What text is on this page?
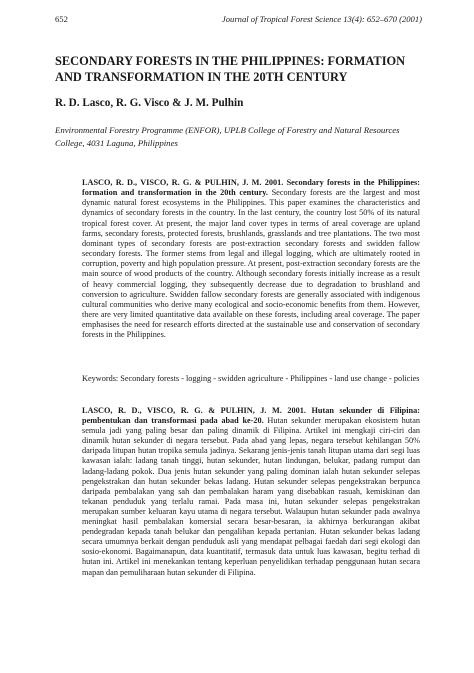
652	Journal of Tropical Forest Science 13(4): 652–670 (2001)
SECONDARY FORESTS IN THE PHILIPPINES: FORMATION AND TRANSFORMATION IN THE 20TH CENTURY

R. D. Lasco, R. G. Visco & J. M. Pulhin

Environmental Forestry Programme (ENFOR), UPLB College of Forestry and Natural Resources College, 4031 Laguna, Philippines

LASCO, R. D., VISCO, R. G. & PULHIN, J. M. 2001. Secondary forests in the Philippines: formation and transformation in the 20th century. Secondary forests are the largest and most dynamic natural forest ecosystems in the Philippines. This paper examines the characteristics and dynamics of secondary forests in the country. In the last century, the country lost 50% of its natural tropical forest cover. At present, the major land cover types in terms of areal coverage are upland farms, secondary forests, protected forests, brushlands, grasslands and tree plantations. The two most dominant types of secondary forests are post-extraction secondary forests and swidden fallow secondary forests. The former stems from legal and illegal logging, which are ultimately rooted in corruption, poverty and high population pressure. At present, post-extraction secondary forests are the main source of wood products of the country. Although secondary forests initially increase as a result of heavy commercial logging, they subsequently decrease due to degradation to brushland and conversion to agriculture. Swidden fallow secondary forests are generally associated with indigenous cultural communities who derive many ecological and socio-economic benefits from them. However, there are very limited quantitative data available on these forests, including areal coverage. The paper emphasises the need for research efforts directed at the sustainable use and conservation of secondary forests in the Philippines.

Keywords: Secondary forests - logging - swidden agriculture - Philippines - land use change - policies

LASCO, R. D., VISCO, R. G. & PULHIN, J. M. 2001. Hutan sekunder di Filipina: pembentukan dan transformasi pada abad ke-20. Hutan sekunder merupakan ekosistem hutan semula jadi yang paling besar dan paling dinamik di Filipina. Artikel ini mengkaji ciri-ciri dan dinamik hutan sekunder di negara tersebut. Pada abad yang lepas, negara tersebut kehilangan 50% daripada litupan hutan tropika semula jadinya. Sekarang jenis-jenis tanah litupan utama dari segi luas kawasan ialah: ladang tanah tinggi, hutan sekunder, hutan lindungan, belukar, padang rumput dan ladang-ladang pokok. Dua jenis hutan sekunder yang paling dominan ialah hutan sekunder selepas pengekstrakan dan hutan sekunder bekas ladang. Hutan sekunder selepas pengekstrakan berpunca daripada pembalakan yang sah dan pembalakan haram yang disebabkan rasuah, kemiskinan dan tekanan penduduk yang terlalu ramai. Pada masa ini, hutan sekunder selepas pengekstrakan merupakan sumber keluaran kayu utama di negara tersebut. Walaupun hutan sekunder pada awalnya meningkat hasil pembalakan komersial secara besar-besaran, ia akhirnya berkurangan akibat pendegradan kepada tanah belukar dan pengalihan kepada pertanian. Hutan sekunder bekas ladang secara umumnya berkait dengan penduduk asli yang mendapat pelbagai faedah dari segi ekologi dan sosio-ekonomi. Bagaimanapun, data kuantitatif, termasuk data untuk luas kawasan, begitu terhad di hutan ini. Artikel ini menekankan tentang keperluan penyelidikan terhadap penggunaan hutan secara mapan dan pemuliharaan hutan sekunder di Filipina.
